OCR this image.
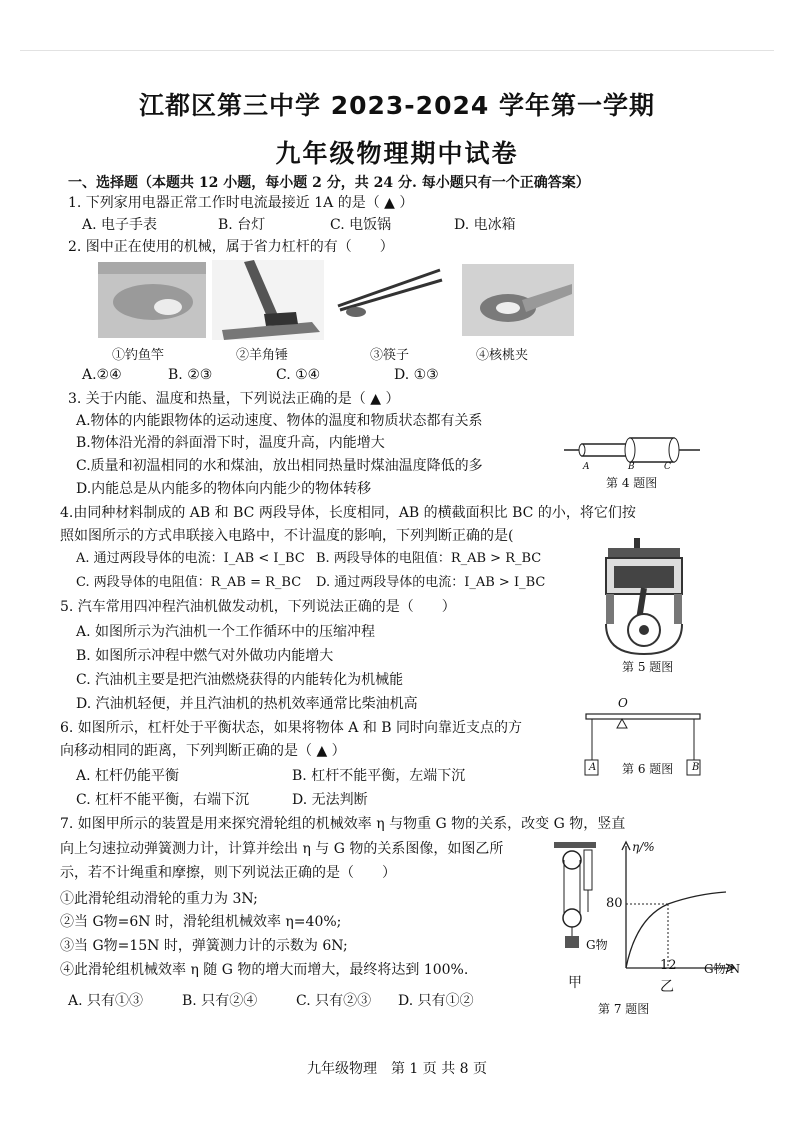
江都区第三中学 2023-2024 学年第一学期
九年级物理期中试卷
一、选择题（本题共 12 小题，每小题 2 分，共 24 分. 每小题只有一个正确答案）
1. 下列家用电器正常工作时电流最接近 1A 的是（ ▲ ）
A. 电子手表	B. 台灯	C. 电饭锅	D. 电冰箱
2. 图中正在使用的机械，属于省力杠杆的有（　　）
①钓鱼竿	②羊角锤	③筷子	④核桃夹
A.②④	B. ②③	C. ①④	D. ①③
3. 关于内能、温度和热量，下列说法正确的是（ ▲ ）
A.物体的内能跟物体的运动速度、物体的温度和物质状态都有关系
B.物体沿光滑的斜面滑下时，温度升高，内能增大
C.质量和初温相同的水和煤油，放出相同热量时煤油温度降低的多
D.内能总是从内能多的物体向内能少的物体转移
A	B	C
第 4 题图
4.由同种材料制成的 AB 和 BC 两段导体，长度相同，AB 的横截面积比 BC 的小，将它们按
照如图所示的方式串联接入电路中，不计温度的影响，下列判断正确的是(
A. 通过两段导体的电流：I_AB < I_BC B. 两段导体的电阻值：R_AB > R_BC
C. 两段导体的电阻值：R_AB = R_BC D. 通过两段导体的电流：I_AB > I_BC
第 5 题图
5. 汽车常用四冲程汽油机做发动机，下列说法正确的是（　　）
A. 如图所示为汽油机一个工作循环中的压缩冲程
B. 如图所示冲程中燃气对外做功内能增大
C. 汽油机主要是把汽油燃烧获得的内能转化为机械能
D. 汽油机轻便，并且汽油机的热机效率通常比柴油机高	O
A	B
第 6 题图
6. 如图所示，杠杆处于平衡状态，如果将物体 A 和 B 同时向靠近支点的方
向移动相同的距离，下列判断正确的是（ ▲ ）
A. 杠杆仍能平衡	B. 杠杆不能平衡，左端下沉
C. 杠杆不能平衡，右端下沉	D. 无法判断
7. 如图甲所示的装置是用来探究滑轮组的机械效率 η 与物重 G 物的关系，改变 G 物，竖直
向上匀速拉动弹簧测力计，计算并绘出 η 与 G 物的关系图像，如图乙所
示，若不计绳重和摩擦，则下列说法正确的是（　　）
①此滑轮组动滑轮的重力为 3N;
②当 G物=6N 时，滑轮组机械效率 η=40%;
③当 G物=15N 时，弹簧测力计的示数为 6N;
④此滑轮组机械效率 η 随 G 物的增大而增大，最终将达到 100%.
A. 只有①③	B. 只有②④	C. 只有②③ D. 只有①②
G物
甲
η/%
80
12 G物/N
乙
第 7 题图
九年级物理　第 1 页 共 8 页
